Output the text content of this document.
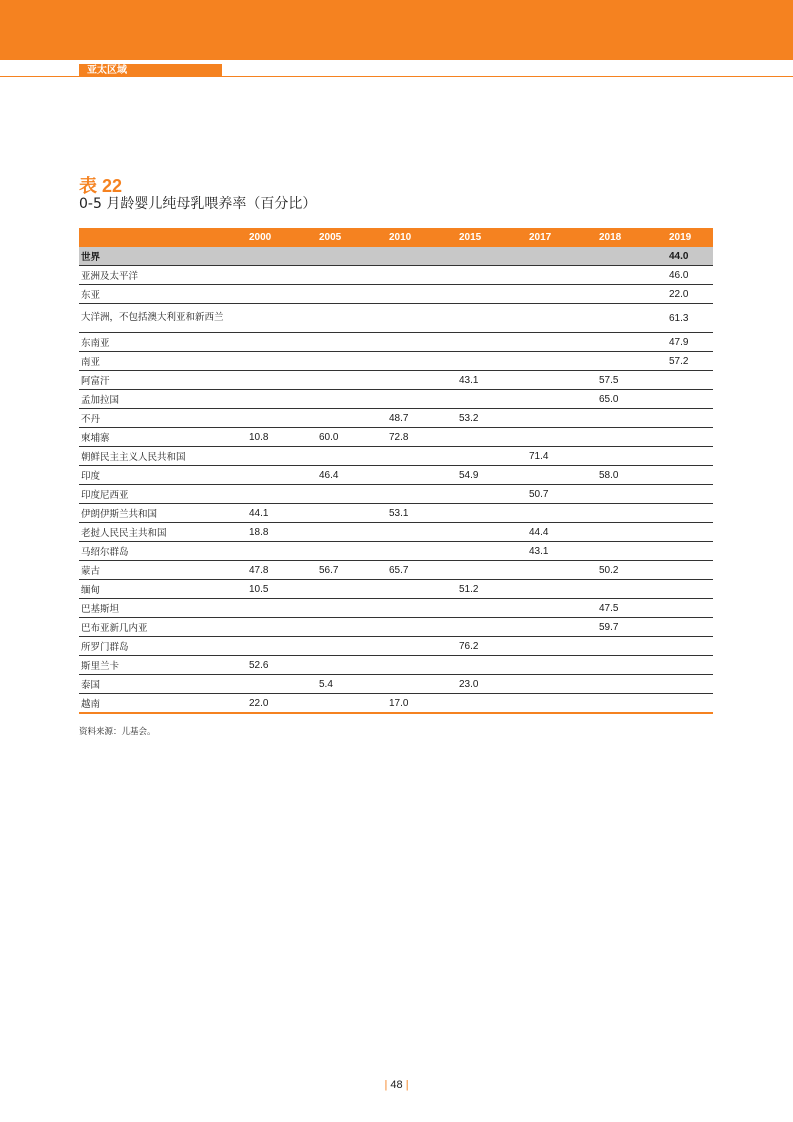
亚太区域
表 22
0-5 月龄婴儿纯母乳喂养率（百分比）
	2000	2005	2010	2015	2017	2018	2019
世界							44.0
亚洲及太平洋							46.0
东亚							22.0
大洋洲，不包括澳大利亚和新西兰							61.3
东南亚							47.9
南亚							57.2
阿富汗				43.1		57.5	
孟加拉国						65.0	
不丹			48.7	53.2			
柬埔寨	10.8	60.0	72.8				
朝鲜民主主义人民共和国					71.4		
印度		46.4		54.9		58.0	
印度尼西亚					50.7		
伊朗伊斯兰共和国	44.1		53.1				
老挝人民民主共和国	18.8				44.4		
马绍尔群岛					43.1		
蒙古	47.8	56.7	65.7			50.2	
缅甸	10.5			51.2			
巴基斯坦						47.5	
巴布亚新几内亚						59.7	
所罗门群岛				76.2			
斯里兰卡	52.6						
泰国		5.4		23.0			
越南	22.0		17.0				
资料来源：儿基会。
| 48 |
